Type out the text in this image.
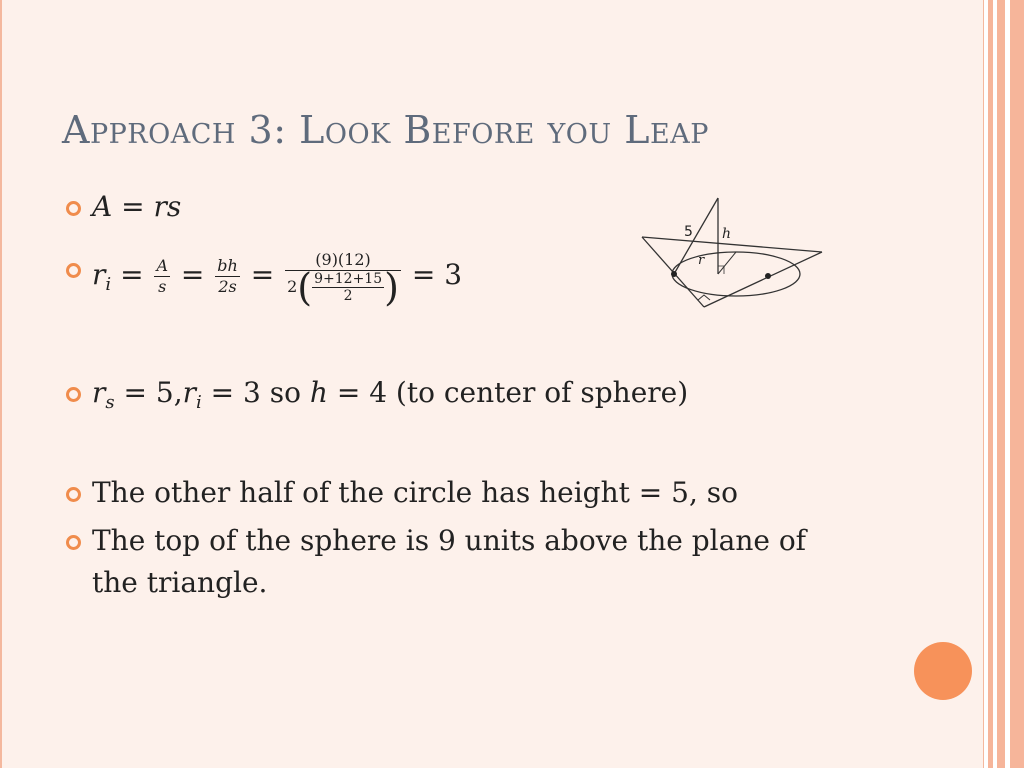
Approach 3: Look Before you Leap
A = rs
$r_i = \frac{A}{s} = \frac{bh}{2s} = \frac{(9)(12)}{2( \frac{9+12+15}{2} )} = 3$
$r_s = 5,r_i = 3$ so h = 4 (to center of sphere)
The other half of the circle has height = 5, so
The top of the sphere is 9 units above the plane of
the triangle.
5 h
r
